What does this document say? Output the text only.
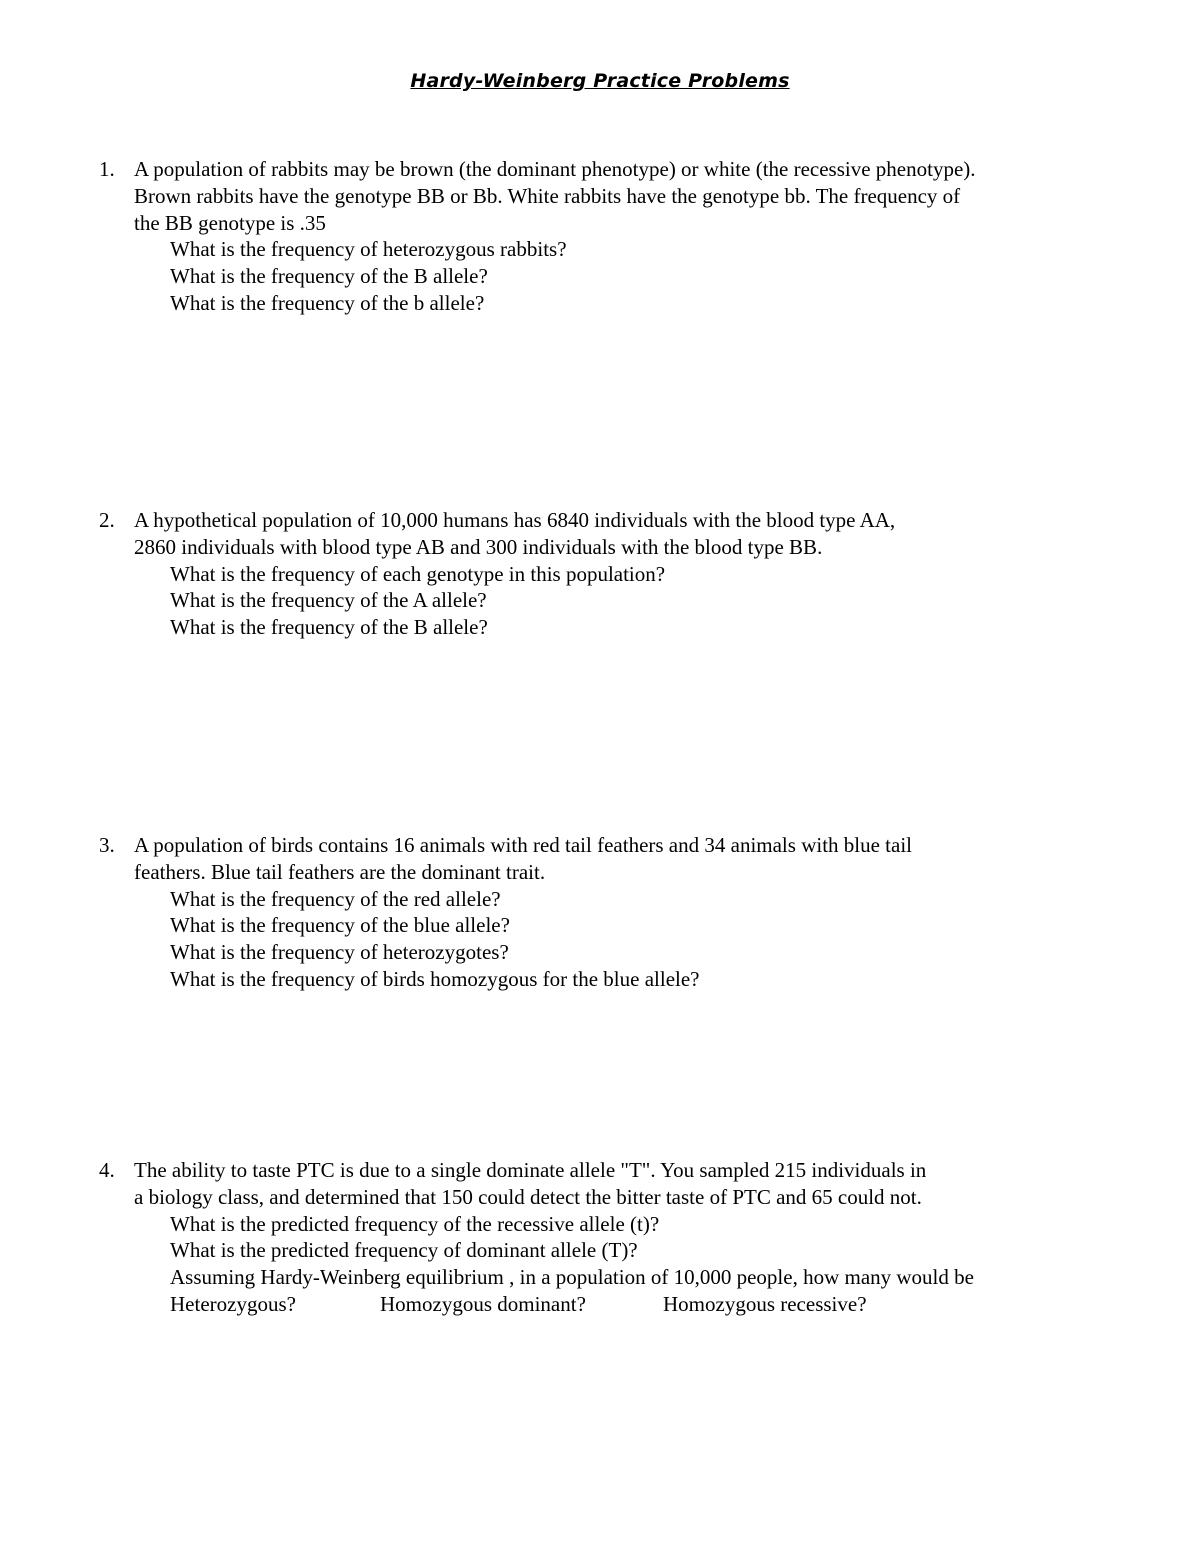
Hardy-Weinberg Practice Problems
1. A population of rabbits may be brown (the dominant phenotype) or white (the recessive phenotype).
Brown rabbits have the genotype BB or Bb. White rabbits have the genotype bb. The frequency of
the BB genotype is .35
What is the frequency of heterozygous rabbits?
What is the frequency of the B allele?
What is the frequency of the b allele?
2. A hypothetical population of 10,000 humans has 6840 individuals with the blood type AA,
2860 individuals with blood type AB and 300 individuals with the blood type BB.
What is the frequency of each genotype in this population?
What is the frequency of the A allele?
What is the frequency of the B allele?
3. A population of birds contains 16 animals with red tail feathers and 34 animals with blue tail
feathers. Blue tail feathers are the dominant trait.
What is the frequency of the red allele?
What is the frequency of the blue allele?
What is the frequency of heterozygotes?
What is the frequency of birds homozygous for the blue allele?
4. The ability to taste PTC is due to a single dominate allele "T". You sampled 215 individuals in
a biology class, and determined that 150 could detect the bitter taste of PTC and 65 could not.
What is the predicted frequency of the recessive allele (t)?
What is the predicted frequency of dominant allele (T)?
Assuming Hardy-Weinberg equilibrium , in a population of 10,000 people, how many would be
Heterozygous?	Homozygous dominant?	Homozygous recessive?
